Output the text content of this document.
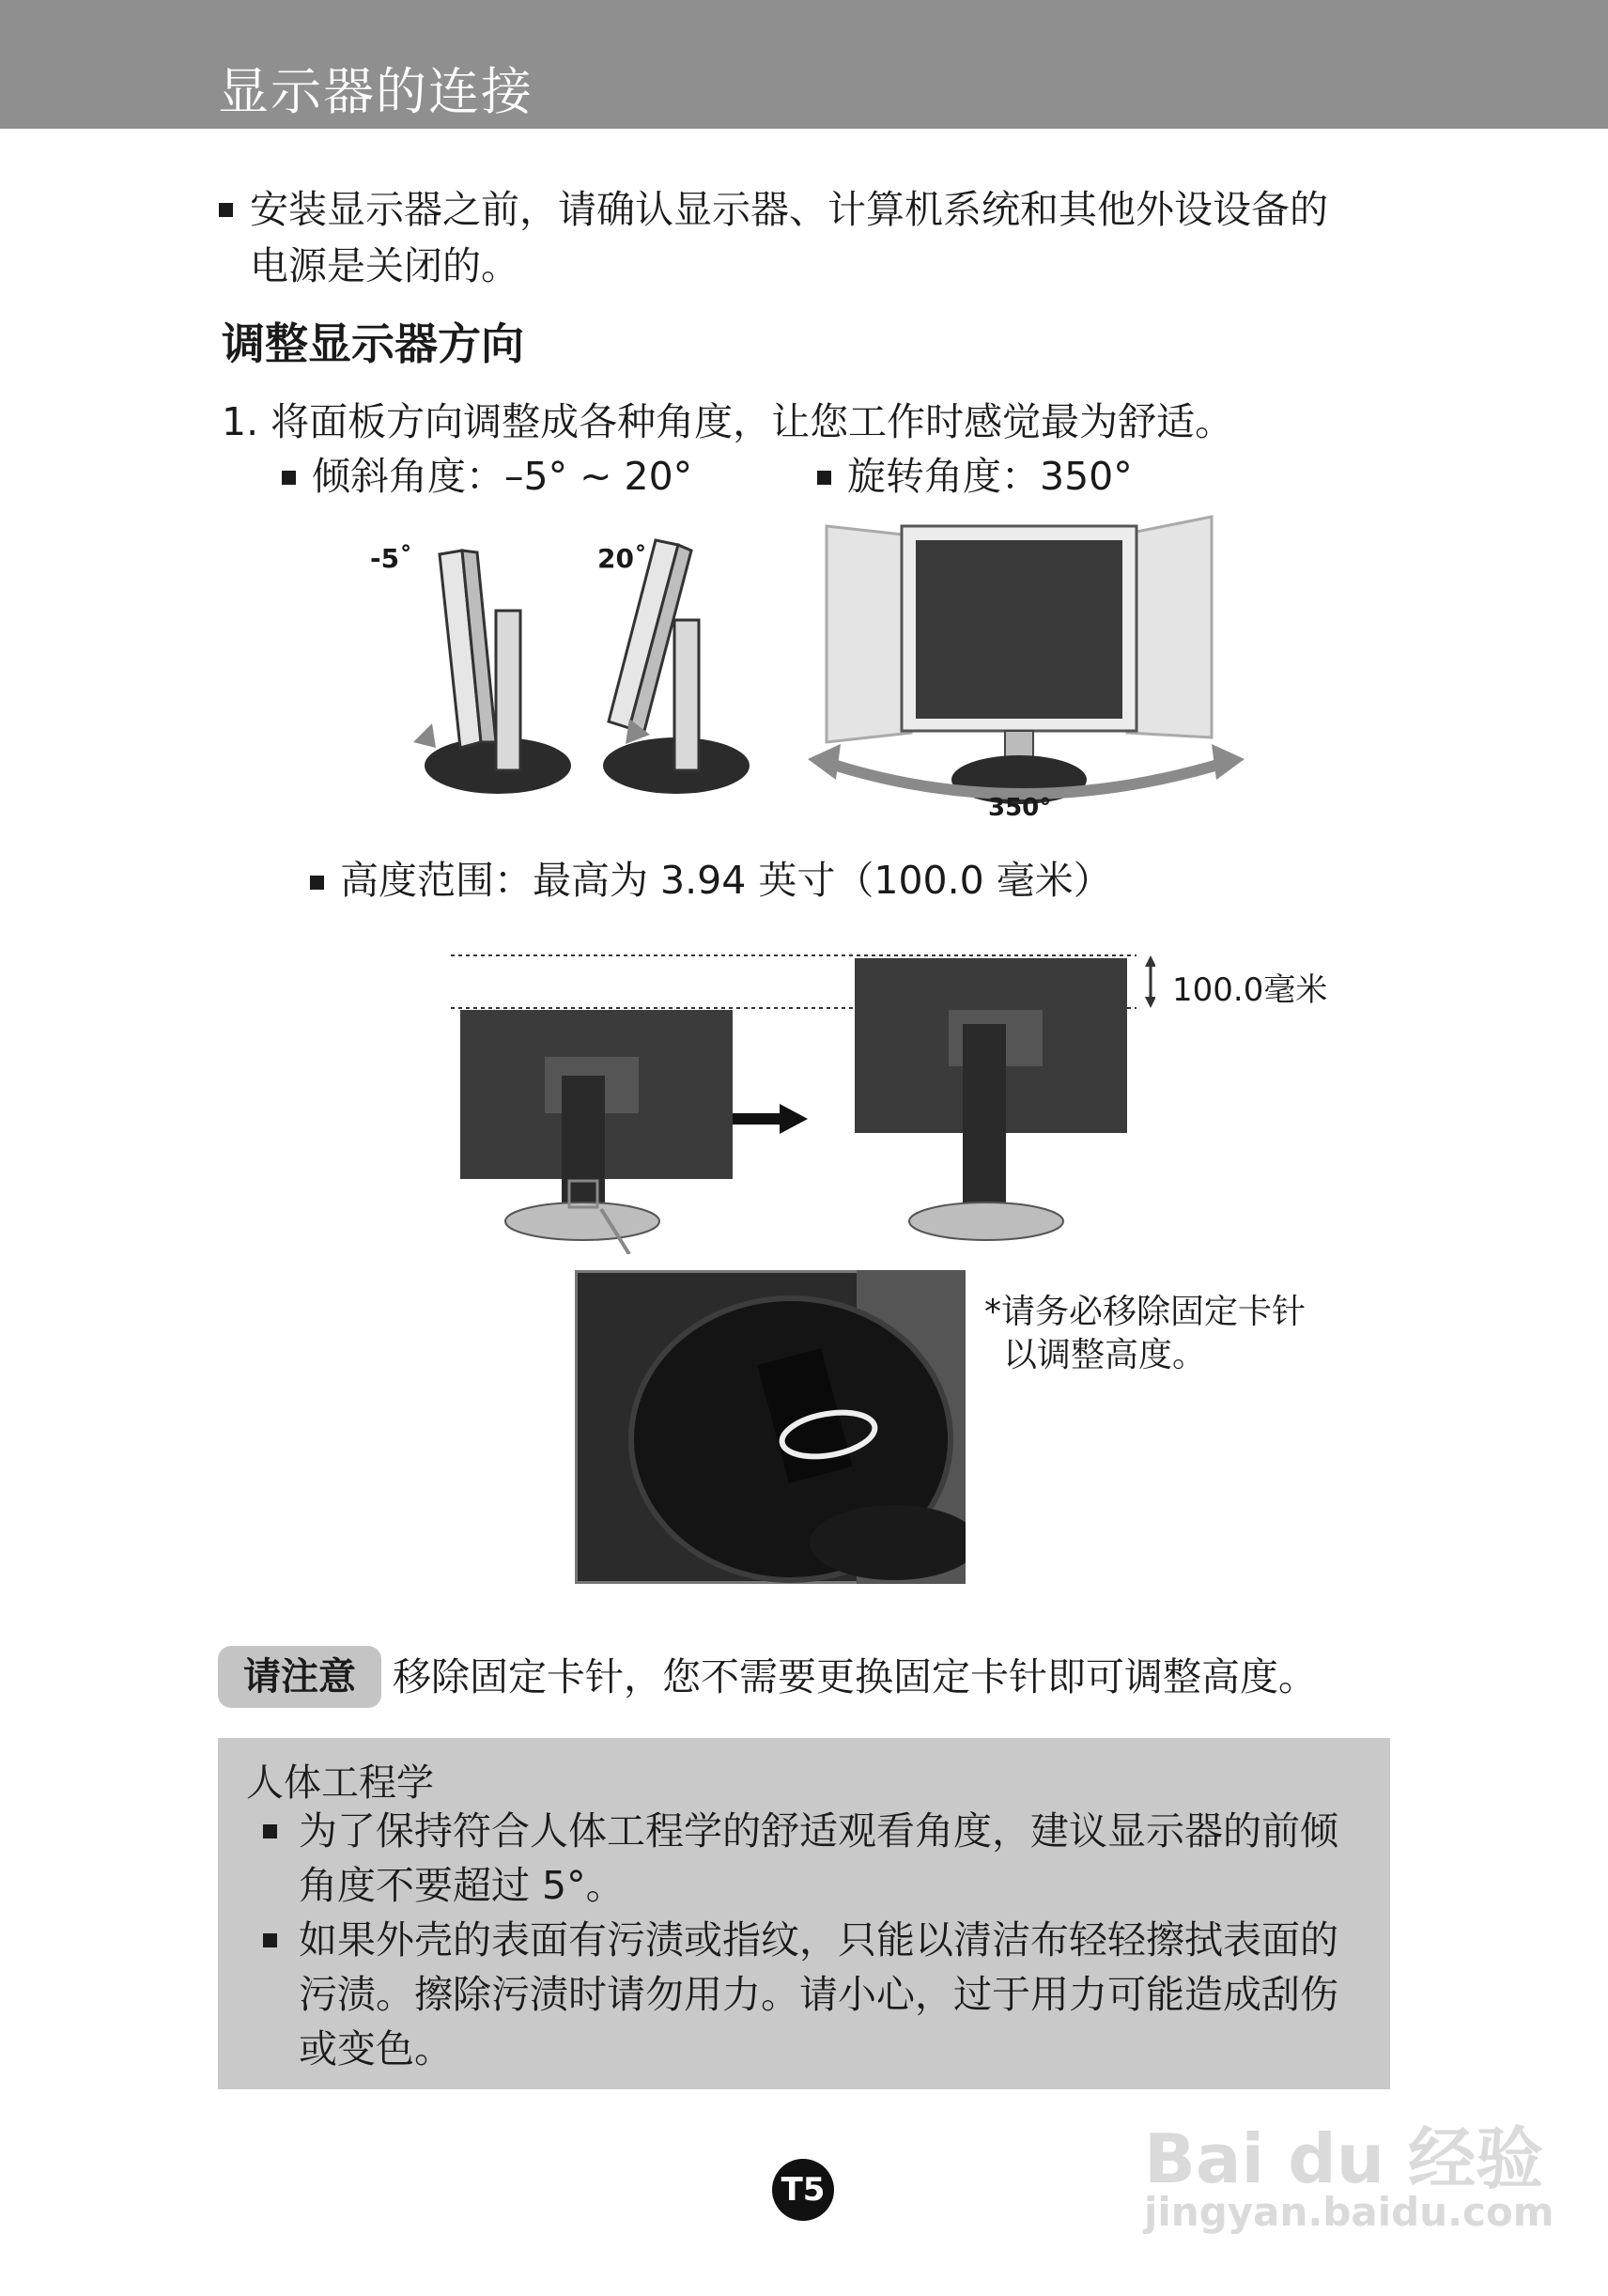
显示器的连接
安装显示器之前，请确认显示器、计算机系统和其他外设设备的
电源是关闭的。
调整显示器方向
1. 将面板方向调整成各种角度，让您工作时感觉最为舒适。
倾斜角度：–5° ~ 20°	旋转角度：350°
-5˚	20˚
350°
高度范围：最高为 3.94 英寸（100.0 毫米）
100.0毫米
*请务必移除固定卡针
以调整高度。
请注意 移除固定卡针，您不需要更换固定卡针即可调整高度。
人体工程学
为了保持符合人体工程学的舒适观看角度，建议显示器的前倾
角度不要超过 5°。
如果外壳的表面有污渍或指纹，只能以清洁布轻轻擦拭表面的
污渍。擦除污渍时请勿用力。请小心，过于用力可能造成刮伤
或变色。
T5	Bai du 经验
jingyan.baidu.com
